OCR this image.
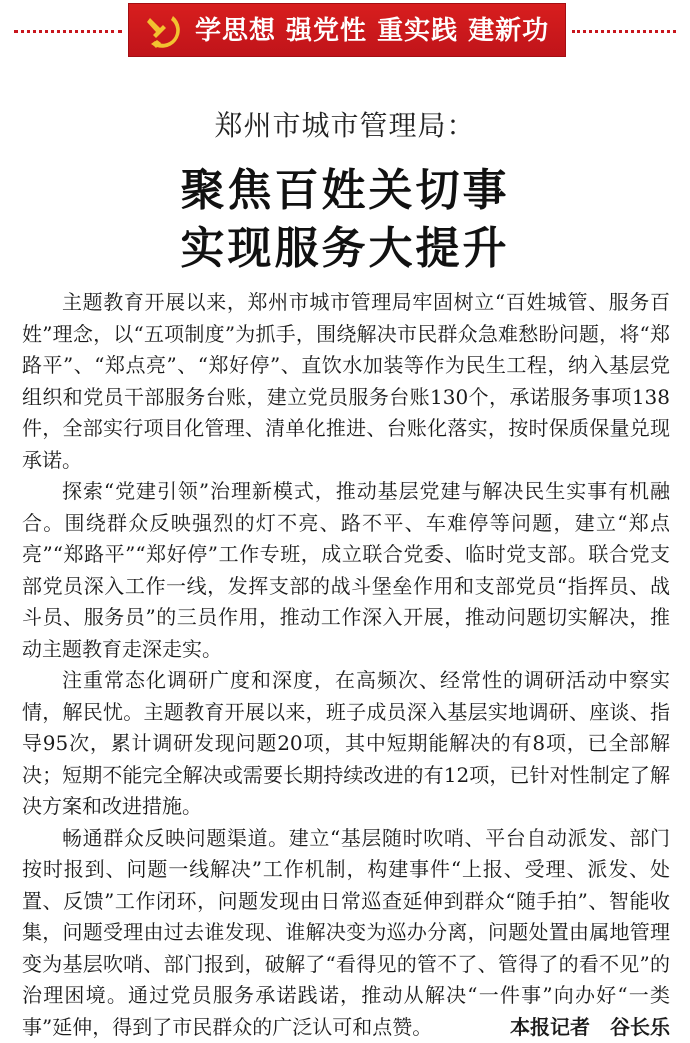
学思想 强党性 重实践 建新功
郑州市城市管理局：
聚焦百姓关切事
实现服务大提升

主题教育开展以来，郑州市城市管理局牢固树立“百姓城管、服务百姓”理念，以“五项制度”为抓手，围绕解决市民群众急难愁盼问题，将“郑路平”、“郑点亮”、“郑好停”、直饮水加装等作为民生工程，纳入基层党组织和党员干部服务台账，建立党员服务台账130个，承诺服务事项138件，全部实行项目化管理、清单化推进、台账化落实，按时保质保量兑现承诺。

探索“党建引领”治理新模式，推动基层党建与解决民生实事有机融合。围绕群众反映强烈的灯不亮、路不平、车难停等问题，建立“郑点亮”“郑路平”“郑好停”工作专班，成立联合党委、临时党支部。联合党支部党员深入工作一线，发挥支部的战斗堡垒作用和支部党员“指挥员、战斗员、服务员”的三员作用，推动工作深入开展，推动问题切实解决，推动主题教育走深走实。

注重常态化调研广度和深度，在高频次、经常性的调研活动中察实情，解民忧。主题教育开展以来，班子成员深入基层实地调研、座谈、指导95次，累计调研发现问题20项，其中短期能解决的有8项，已全部解决；短期不能完全解决或需要长期持续改进的有12项，已针对性制定了解决方案和改进措施。

畅通群众反映问题渠道。建立“基层随时吹哨、平台自动派发、部门按时报到、问题一线解决”工作机制，构建事件“上报、受理、派发、处置、反馈”工作闭环，问题发现由日常巡查延伸到群众“随手拍”、智能收集，问题受理由过去谁发现、谁解决变为巡办分离，问题处置由属地管理变为基层吹哨、部门报到，破解了“看得见的管不了、管得了的看不见”的治理困境。通过党员服务承诺践诺，推动从解决“一件事”向办好“一类事”延伸，得到了市民群众的广泛认可和点赞。	本报记者　谷长乐
